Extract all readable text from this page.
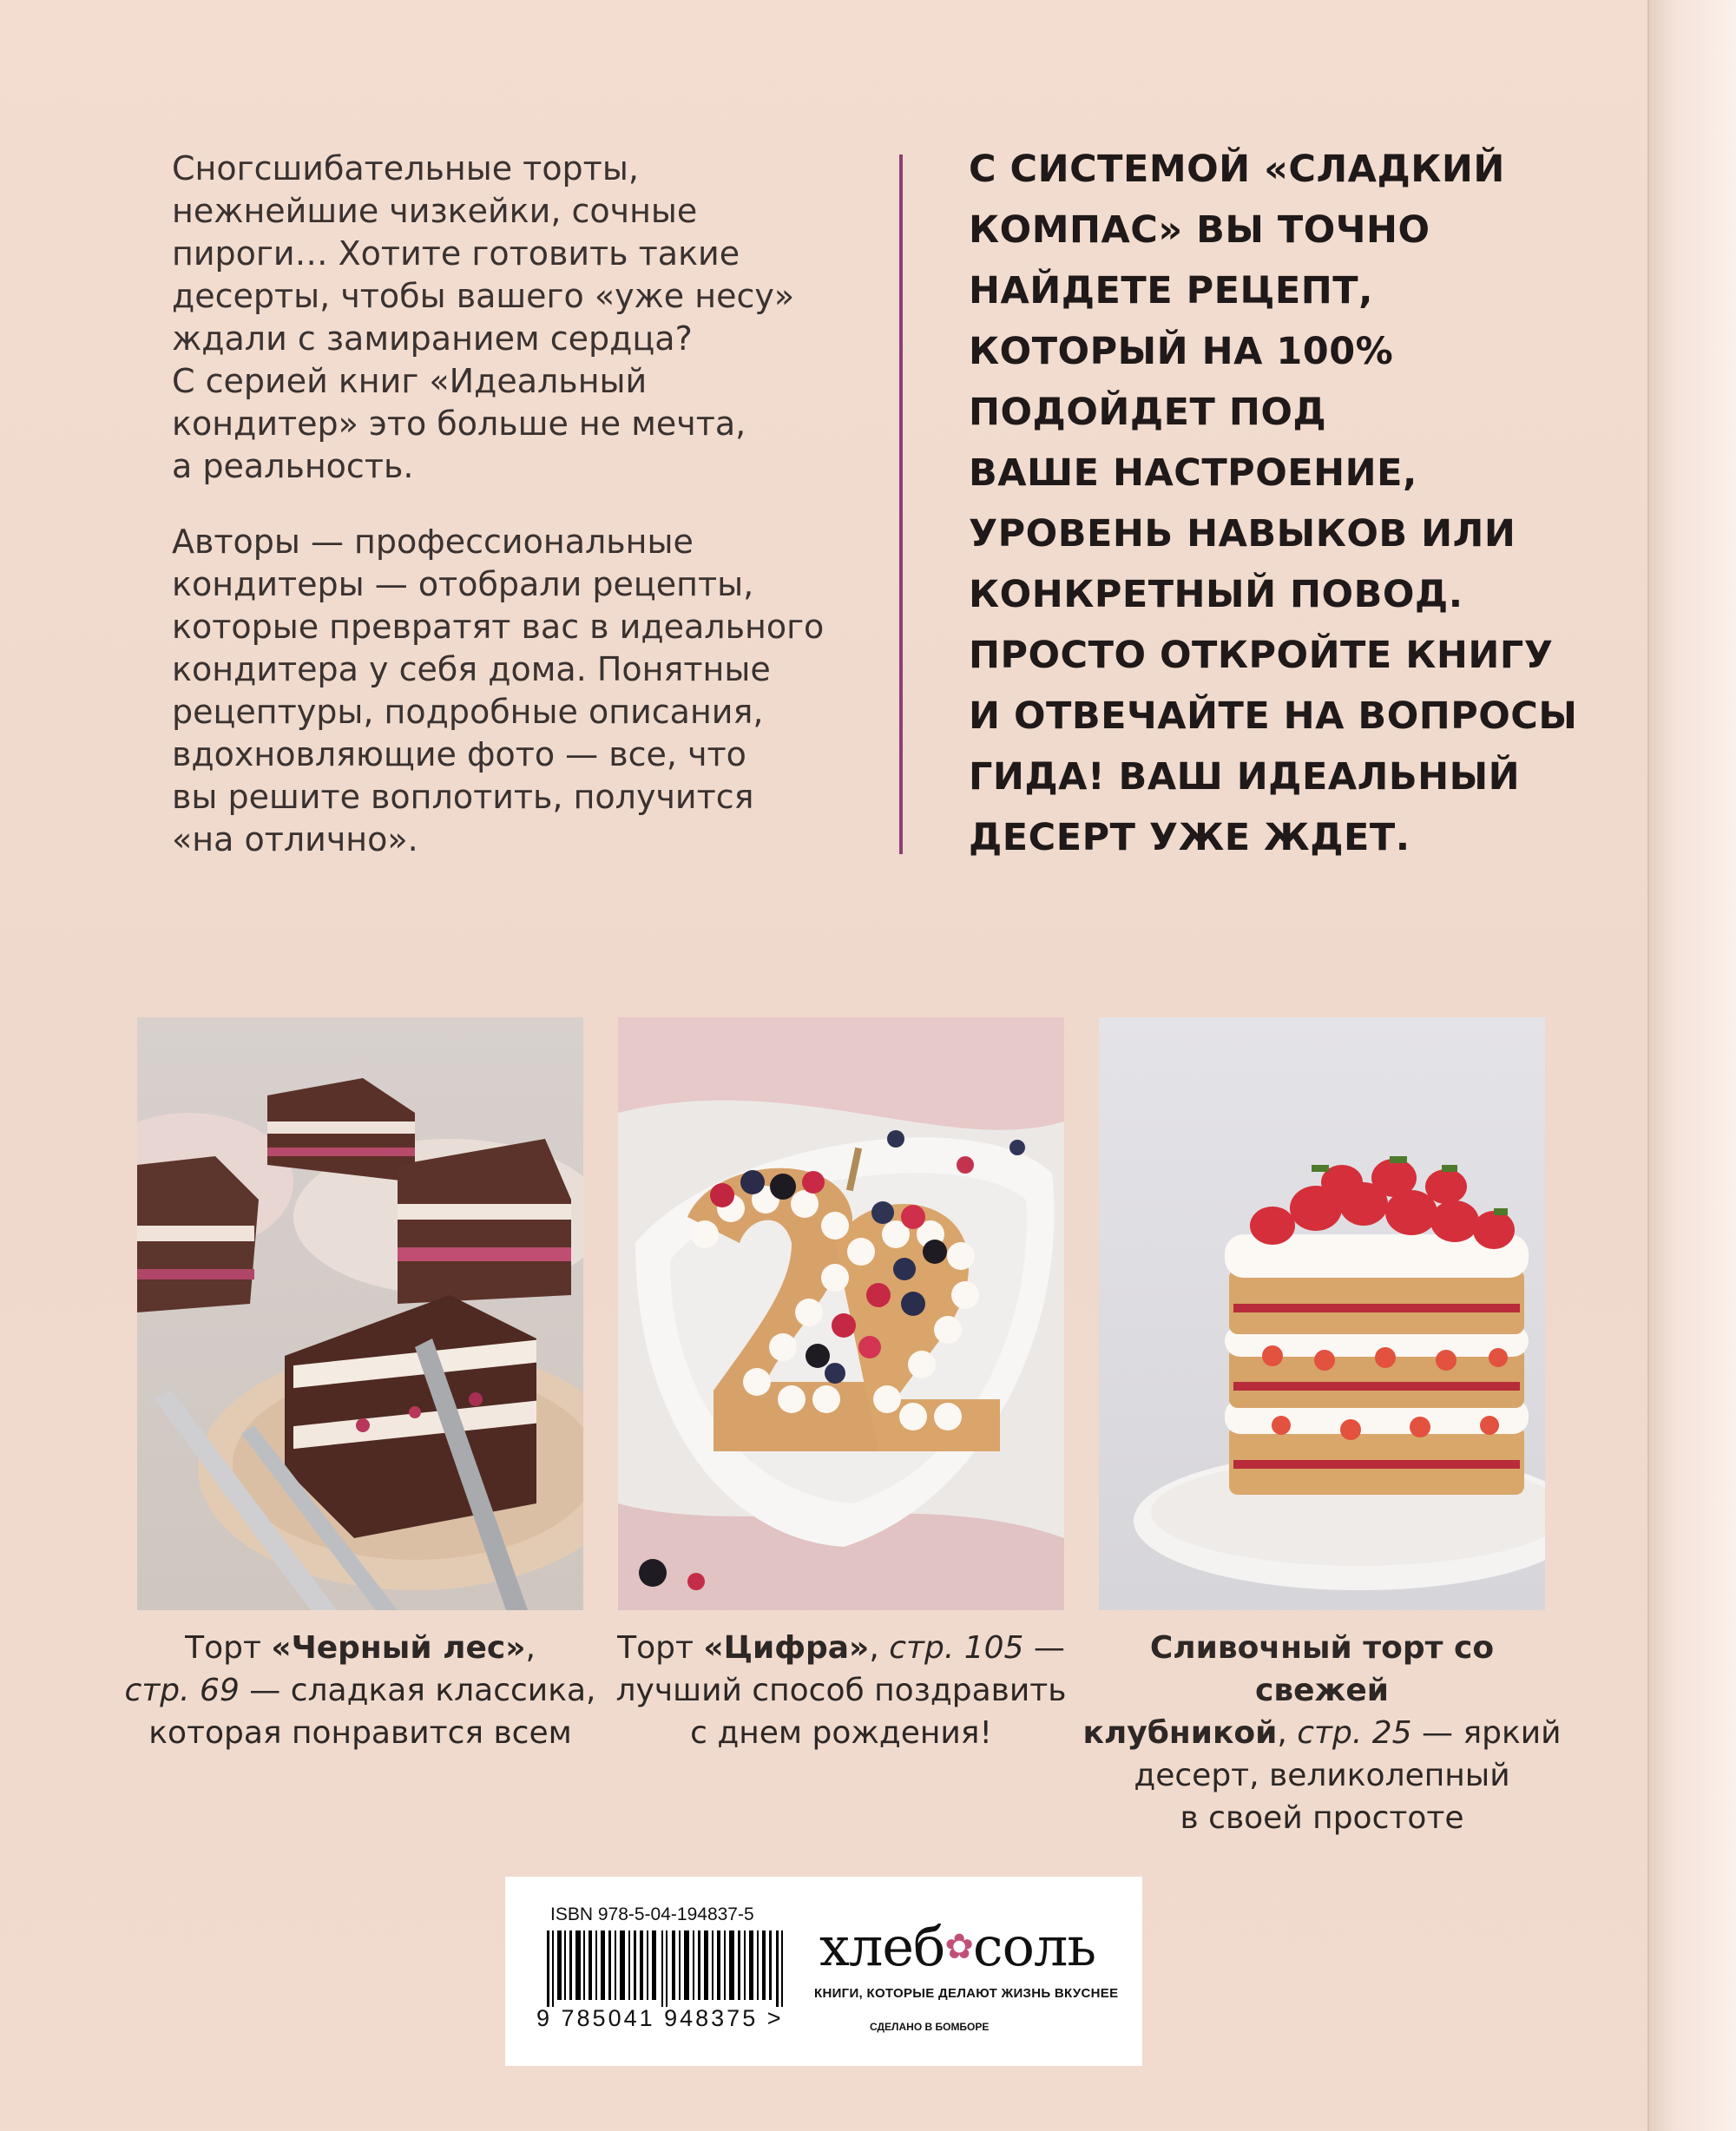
Сногсшибательные торты,
нежнейшие чизкейки, сочные
пироги… Хотите готовить такие
десерты, чтобы вашего «уже несу»
ждали с замиранием сердца?
С серией книг «Идеальный
кондитер» это больше не мечта,
а реальность.

Авторы — профессиональные
кондитеры — отобрали рецепты,
которые превратят вас в идеального
кондитера у себя дома. Понятные
рецептуры, подробные описания,
вдохновляющие фото — все, что
вы решите воплотить, получится
«на отлично».

С СИСТЕМОЙ «СЛАДКИЙ
КОМПАС» ВЫ ТОЧНО
НАЙДЕТЕ РЕЦЕПТ,
КОТОРЫЙ НА 100%
ПОДОЙДЕТ ПОД
ВАШЕ НАСТРОЕНИЕ,
УРОВЕНЬ НАВЫКОВ ИЛИ
КОНКРЕТНЫЙ ПОВОД.
ПРОСТО ОТКРОЙТЕ КНИГУ
И ОТВЕЧАЙТЕ НА ВОПРОСЫ
ГИДА! ВАШ ИДЕАЛЬНЫЙ
ДЕСЕРТ УЖЕ ЖДЕТ.

Торт «Черный лес»,
стр. 69 — сладкая классика,
которая понравится всем
Торт «Цифра», стр. 105 —
лучший способ поздравить
с днем рождения!
Сливочный торт со свежей
клубникой, стр. 25 — яркий
десерт, великолепный
в своей простоте
ISBN 978-5-04-194837-5
9 785041 948375 >
хлеб✿соль
КНИГИ, КОТОРЫЕ ДЕЛАЮТ ЖИЗНЬ ВКУСНЕЕ
СДЕЛАНО В БОМБОРЕ
